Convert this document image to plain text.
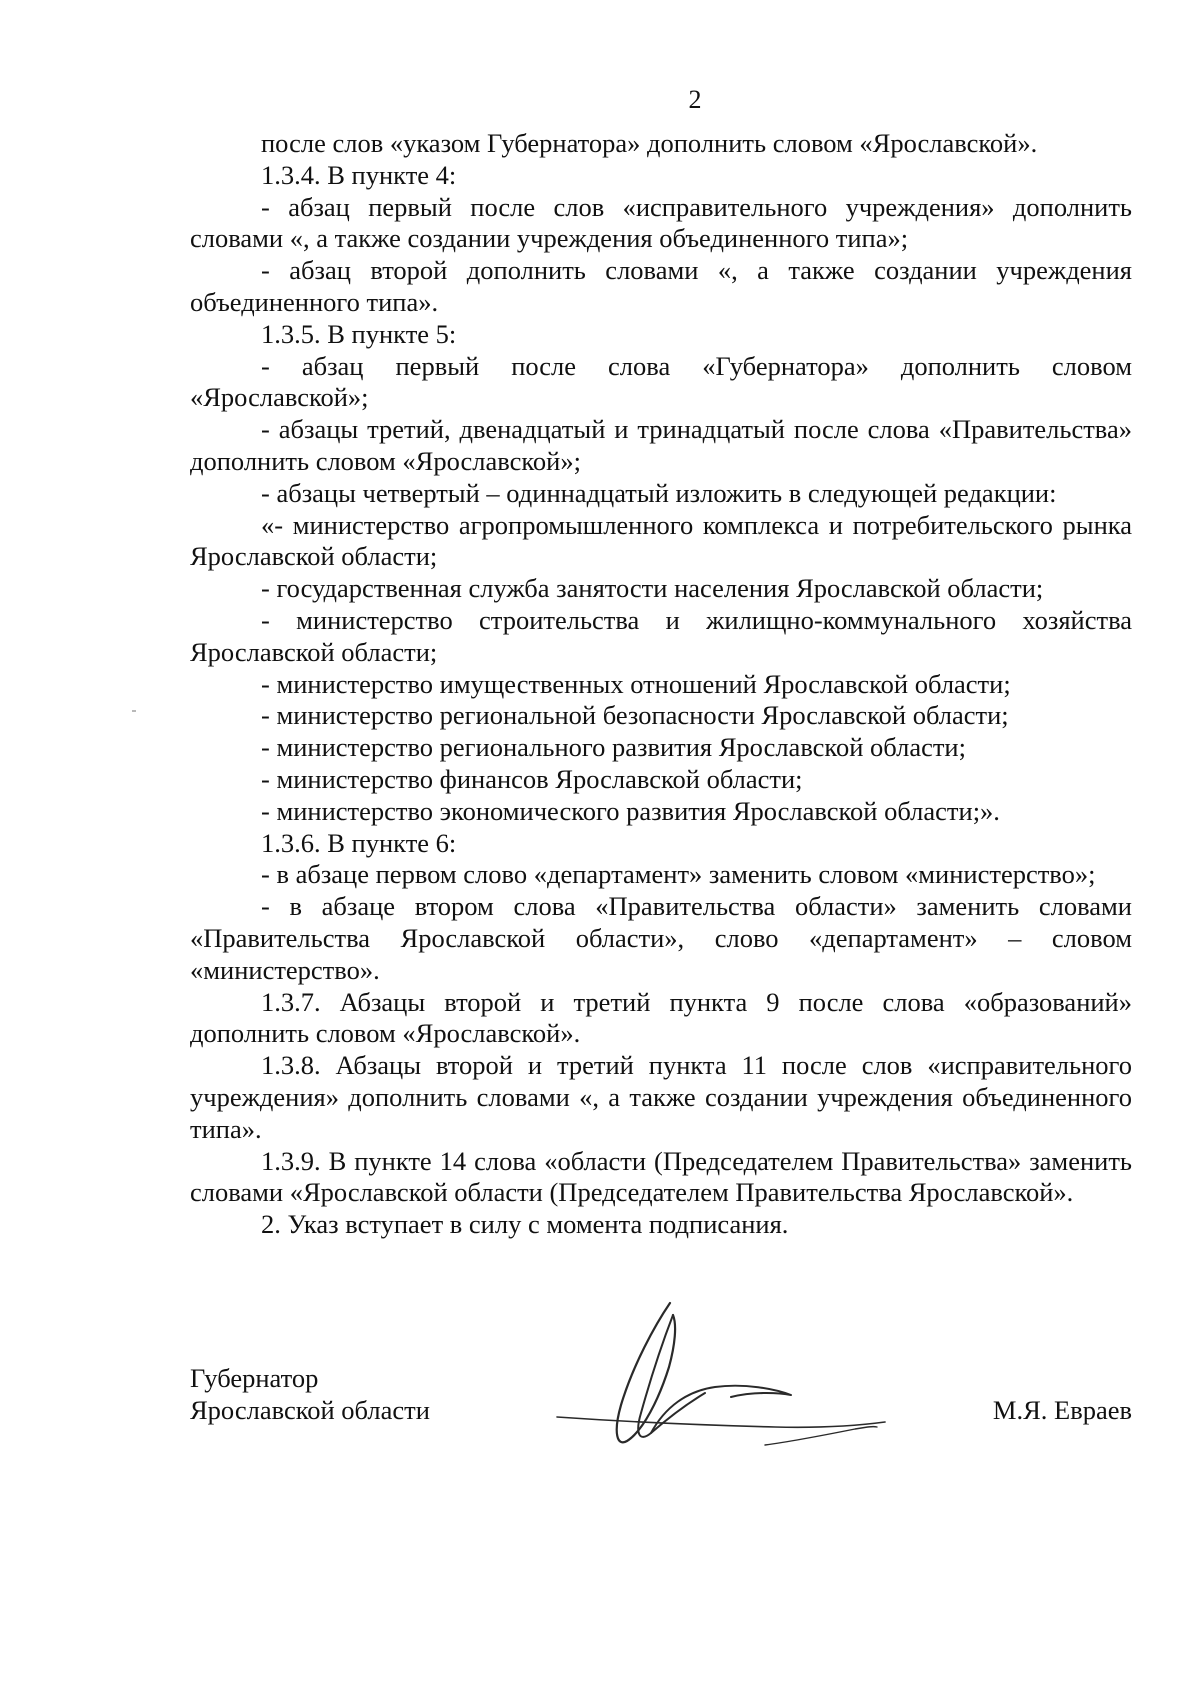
2

после слов «указом Губернатора» дополнить словом «Ярославской».

1.3.4. В пункте 4:

- абзац первый после слов «исправительного учреждения» дополнить словами «, а также создании учреждения объединенного типа»;

- абзац второй дополнить словами «, а также создании учреждения объединенного типа».

1.3.5. В пункте 5:

- абзац первый после слова «Губернатора» дополнить словом «Ярославской»;

- абзацы третий, двенадцатый и тринадцатый после слова «Правительства» дополнить словом «Ярославской»;

- абзацы четвертый – одиннадцатый изложить в следующей редакции:

«- министерство агропромышленного комплекса и потребительского рынка Ярославской области;

- государственная служба занятости населения Ярославской области;

- министерство строительства и жилищно-коммунального хозяйства Ярославской области;

- министерство имущественных отношений Ярославской области;

- министерство региональной безопасности Ярославской области;

- министерство регионального развития Ярославской области;

- министерство финансов Ярославской области;

- министерство экономического развития Ярославской области;».

1.3.6. В пункте 6:

- в абзаце первом слово «департамент» заменить словом «министерство»;

- в абзаце втором слова «Правительства области» заменить словами «Правительства Ярославской области», слово «департамент» – словом «министерство».

1.3.7. Абзацы второй и третий пункта 9 после слова «образований» дополнить словом «Ярославской».

1.3.8. Абзацы второй и третий пункта 11 после слов «исправительного учреждения» дополнить словами «, а также создании учреждения объединенного типа».

1.3.9. В пункте 14 слова «области (Председателем Правительства» заменить словами «Ярославской области (Председателем Правительства Ярославской».

2. Указ вступает в силу с момента подписания.

Губернатор
Ярославской области	М.Я. Евраев
